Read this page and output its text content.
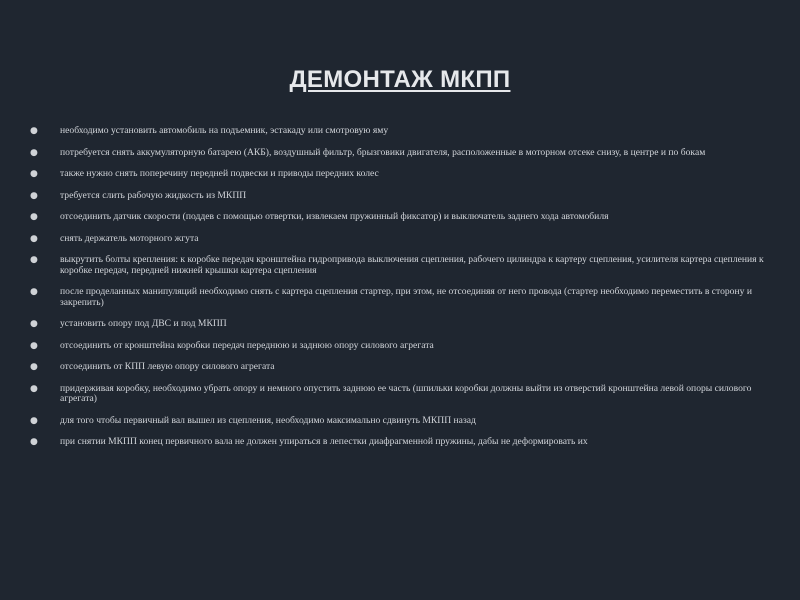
ДЕМОНТАЖ МКПП
● необходимо установить автомобиль на подъемник, эстакаду или смотровую яму
● потребуется снять аккумуляторную батарею (АКБ), воздушный фильтр, брызговики двигателя, расположенные в моторном отсеке снизу, в центре и по бокам
● также нужно снять поперечину передней подвески и приводы передних колес
● требуется слить рабочую жидкость из МКПП
● отсоединить датчик скорости (поддев с помощью отвертки, извлекаем пружинный фиксатор) и выключатель заднего хода автомобиля
● снять держатель моторного жгута
● выкрутить болты крепления: к коробке передач кронштейна гидропривода выключения сцепления, рабочего цилиндра к картеру сцепления, усилителя картера сцепления к коробке передач, передней нижней крышки картера сцепления
● после проделанных манипуляций необходимо снять с картера сцепления стартер, при этом, не отсоединяя от него провода (стартер необходимо переместить в сторону и закрепить)
● установить опору под ДВС и под МКПП
● отсоединить от кронштейна коробки передач переднюю и заднюю опору силового агрегата
● отсоединить от КПП левую опору силового агрегата
● придерживая коробку, необходимо убрать опору и немного опустить заднюю ее часть (шпильки коробки должны выйти из отверстий кронштейна левой опоры силового агрегата)
● для того чтобы первичный вал вышел из сцепления, необходимо максимально сдвинуть МКПП назад
● при снятии МКПП конец первичного вала не должен упираться в лепестки диафрагменной пружины, дабы не деформировать их
